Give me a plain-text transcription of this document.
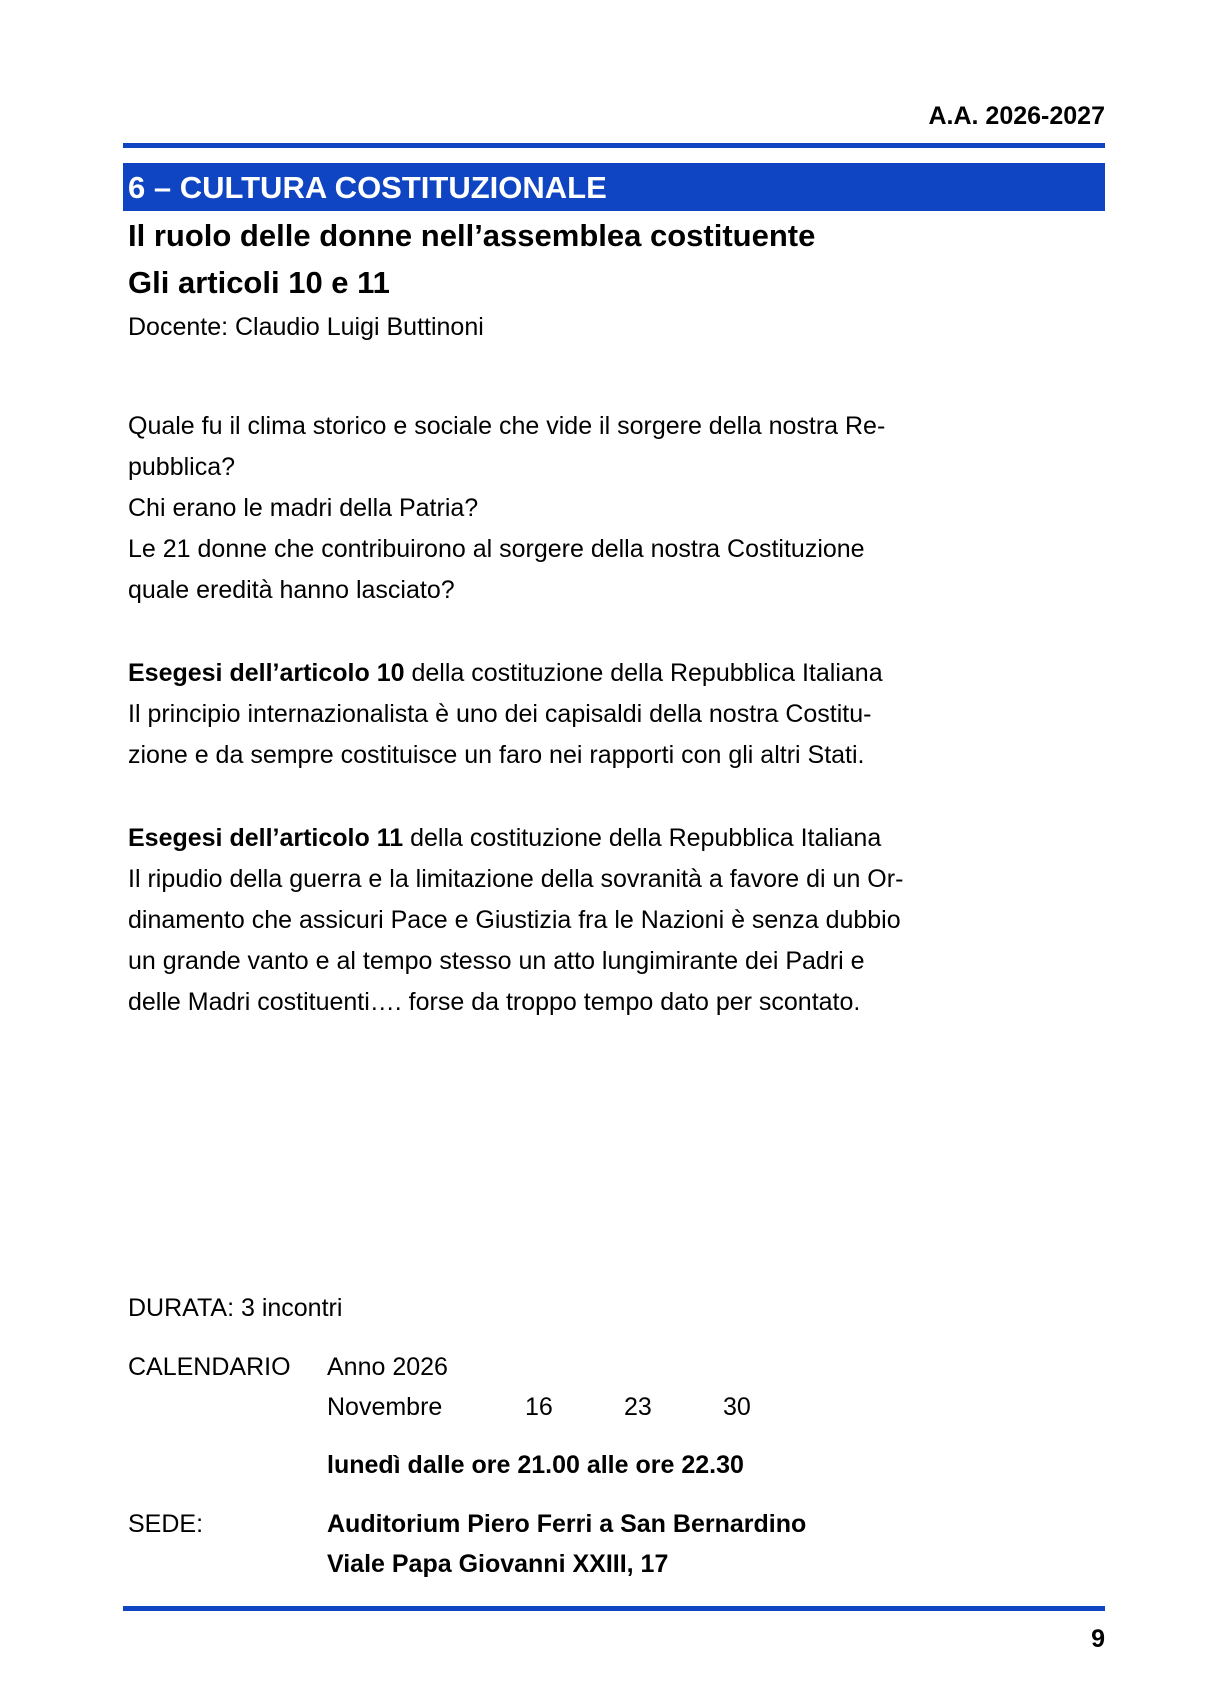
A.A. 2026-2027
6 – CULTURA COSTITUZIONALE
Il ruolo delle donne nell’assemblea costituente
Gli articoli 10 e 11
Docente: Claudio Luigi Buttinoni

Quale fu il clima storico e sociale che vide il sorgere della nostra Re-

pubblica?

Chi erano le madri della Patria?

Le 21 donne che contribuirono al sorgere della nostra Costituzione

quale eredità hanno lasciato?

Esegesi dell’articolo 10 della costituzione della Repubblica Italiana

Il principio internazionalista è uno dei capisaldi della nostra Costitu-

zione e da sempre costituisce un faro nei rapporti con gli altri Stati.

Esegesi dell’articolo 11 della costituzione della Repubblica Italiana

Il ripudio della guerra e la limitazione della sovranità a favore di un Or-

dinamento che assicuri Pace e Giustizia fra le Nazioni è senza dubbio

un grande vanto e al tempo stesso un atto lungimirante dei Padri e

delle Madri costituenti…. forse da troppo tempo dato per scontato.

DURATA: 3 incontri
CALENDARIO Anno 2026
Novembre	16	23	30
lunedì dalle ore 21.00 alle ore 22.30
SEDE:	Auditorium Piero Ferri a San Bernardino
Viale Papa Giovanni XXIII, 17
9
